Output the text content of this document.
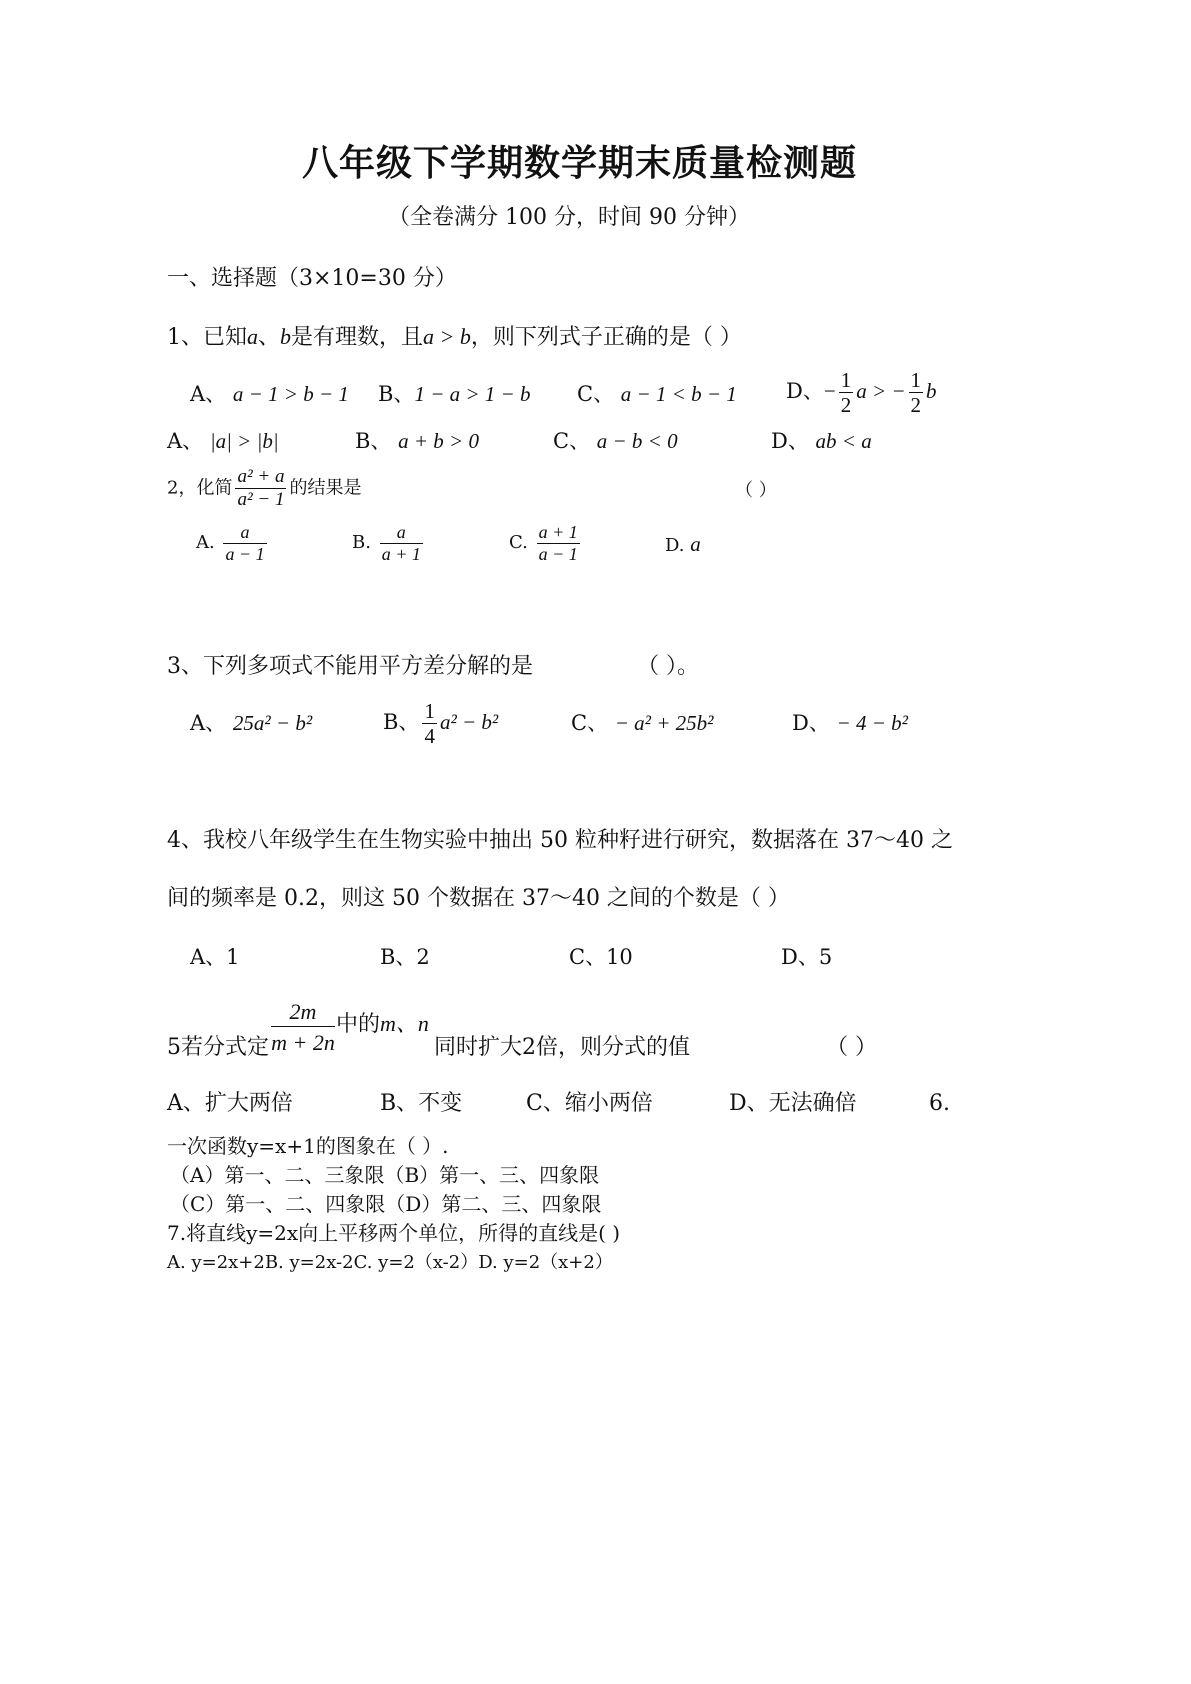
八年级下学期数学期末质量检测题
（全卷满分 100 分，时间 90 分钟）
一、选择题（3×10=30 分）
1、已知a、b是有理数，且a > b，则下列式子正确的是（ ）
A、 a − 1 > b − 1 B、1 − a > 1 − b C、 a − 1 < b − 1 D、− $\frac{1}{2}$ a > − $\frac{1}{2}$ b
A、 |a| > |b|	B、 a + b > 0	C、 a − b < 0	D、 ab < a
2，化简 $\frac{\text{a² + a}}{\text{a² − 1}}$ 的结果是	（ ）
A. $\frac{a}{a - 1}$	B. $\frac{a}{a + 1}$	C. $\frac{a + 1}{a - 1}$	D. a
3、下列多项式不能用平方差分解的是	（ ）。
A、 25a² − b²	B、 $\frac{1}{4} a^2 - b^2$	C、 − a² + 25b²	D、 − 4 − b²
4、我校八年级学生在生物实验中抽出 50 粒种籽进行研究，数据落在 37～40 之
间的频率是 0.2，则这 50 个数据在 37～40 之间的个数是（ ）
A、1	B、2	C、10	D、5
5若分式定
2m
m + 2n
中的m、n
同时扩大2倍，则分式的值	（ ）
A、扩大两倍	B、不变	C、缩小两倍	D、无法确倍	6.
一次函数y=x+1的图象在（ ）.
（A）第一、二、三象限（B）第一、三、四象限
（C）第一、二、四象限（D）第二、三、四象限
7.将直线y=2x向上平移两个单位，所得的直线是( )
A. y=2x+2B. y=2x-2C. y=2（x-2）D. y=2（x+2）
